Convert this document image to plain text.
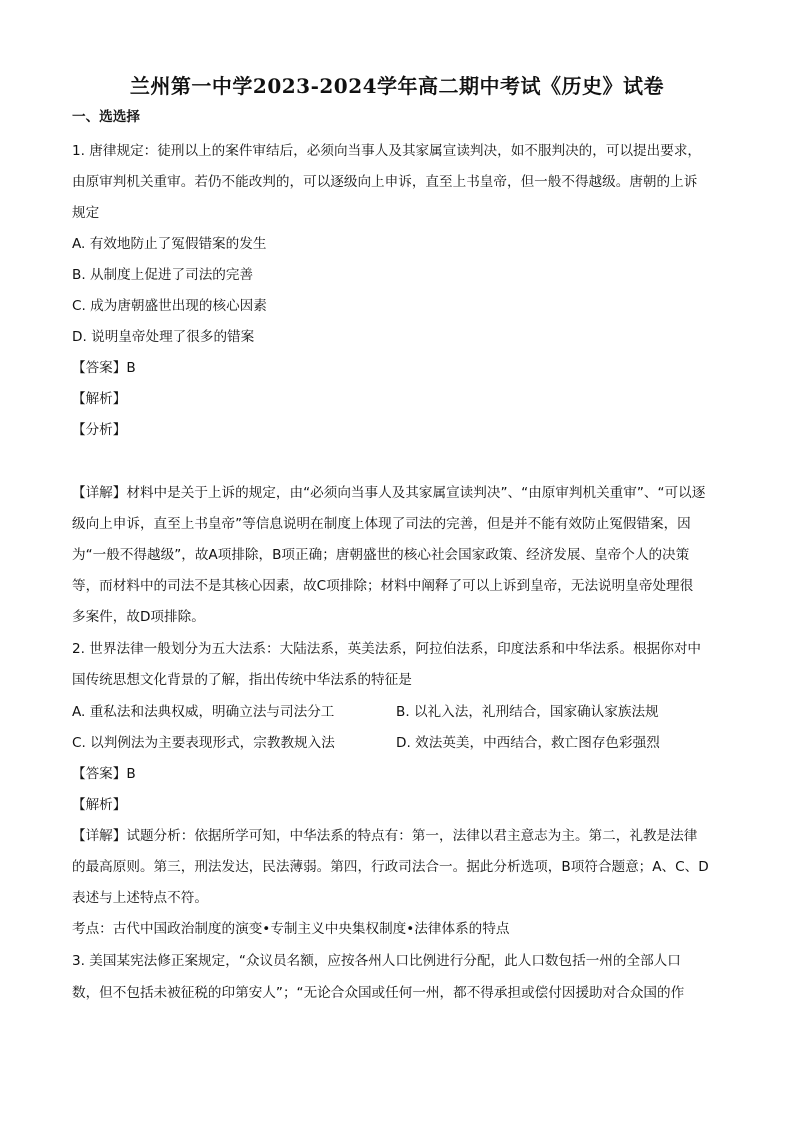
兰州第一中学2023-2024学年高二期中考试《历史》试卷
一、选选择
1. 唐律规定：徒刑以上的案件审结后，必须向当事人及其家属宣读判决，如不服判决的，可以提出要求，
由原审判机关重审。若仍不能改判的，可以逐级向上申诉，直至上书皇帝，但一般不得越级。唐朝的上诉
规定
A. 有效地防止了冤假错案的发生
B. 从制度上促进了司法的完善
C. 成为唐朝盛世出现的核心因素
D. 说明皇帝处理了很多的错案
【答案】B
【解析】
【分析】
【详解】材料中是关于上诉的规定，由“必须向当事人及其家属宣读判决”、“由原审判机关重审”、“可以逐
级向上申诉，直至上书皇帝”等信息说明在制度上体现了司法的完善，但是并不能有效防止冤假错案，因
为“一般不得越级”，故A项排除，B项正确；唐朝盛世的核心社会国家政策、经济发展、皇帝个人的决策
等，而材料中的司法不是其核心因素，故C项排除；材料中阐释了可以上诉到皇帝，无法说明皇帝处理很
多案件，故D项排除。
2. 世界法律一般划分为五大法系：大陆法系，英美法系，阿拉伯法系，印度法系和中华法系。根据你对中
国传统思想文化背景的了解，指出传统中华法系的特征是
A. 重私法和法典权威，明确立法与司法分工	B. 以礼入法，礼刑结合，国家确认家族法规
C. 以判例法为主要表现形式，宗教教规入法	D. 效法英美，中西结合，救亡图存色彩强烈
【答案】B
【解析】
【详解】试题分析：依据所学可知，中华法系的特点有：第一，法律以君主意志为主。第二，礼教是法律
的最高原则。第三，刑法发达，民法薄弱。第四，行政司法合一。据此分析选项，B项符合题意；A、C、D
表述与上述特点不符。
考点：古代中国政治制度的演变•专制主义中央集权制度•法律体系的特点
3. 美国某宪法修正案规定，“众议员名额，应按各州人口比例进行分配，此人口数包括一州的全部人口
数，但不包括未被征税的印第安人”；“无论合众国或任何一州，都不得承担或偿付因援助对合众国的作
